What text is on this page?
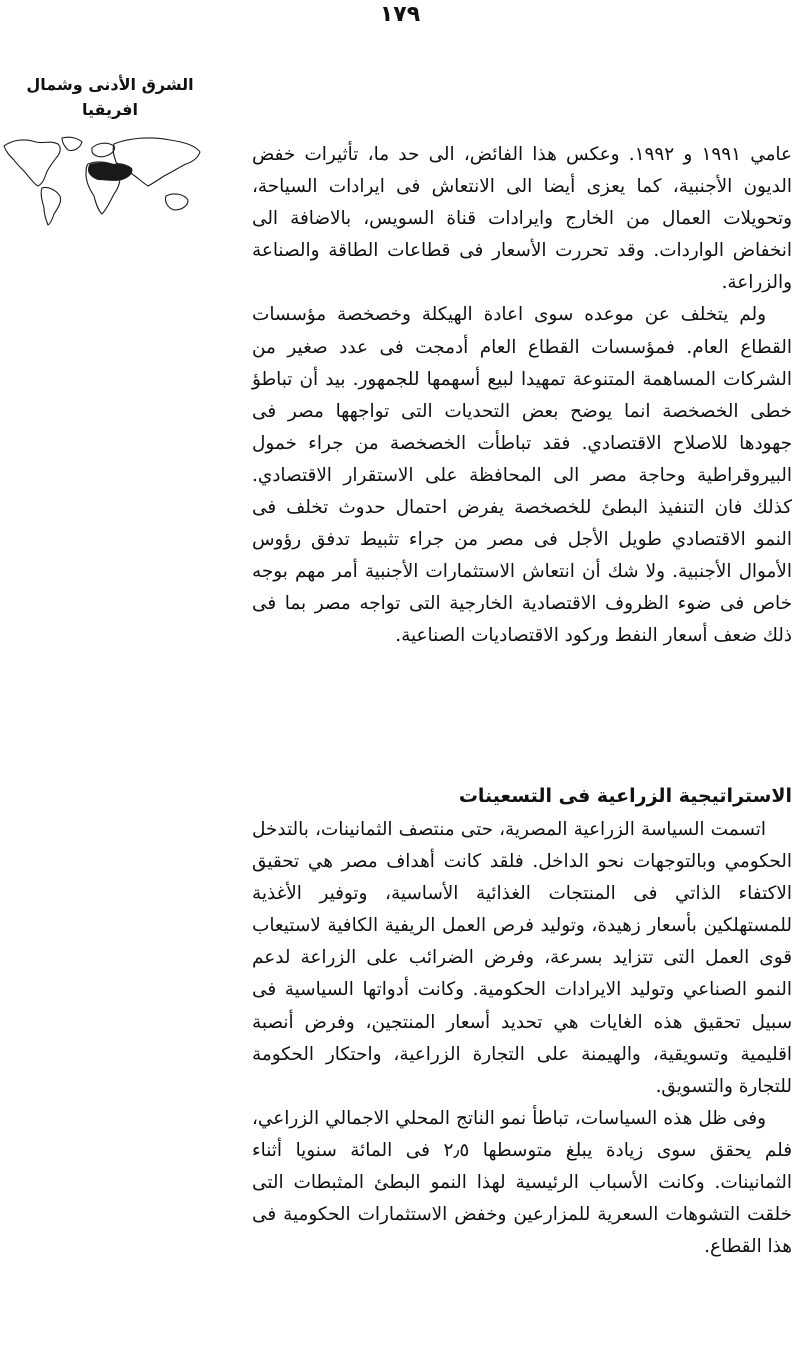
١٧٩
الشرق الأدنى وشمال
افريقيا

عامي ١٩٩١ و ١٩٩٢. وعكس هذا الفائض، الى حد ما، تأثيرات خفض الديون الأجنبية، كما يعزى أيضا الى الانتعاش فى ايرادات السياحة، وتحويلات العمال من الخارج وايرادات قناة السويس، بالاضافة الى انخفاض الواردات. وقد تحررت الأسعار فى قطاعات الطاقة والصناعة والزراعة.

ولم يتخلف عن موعده سوى اعادة الهيكلة وخصخصة مؤسسات القطاع العام. فمؤسسات القطاع العام أدمجت فى عدد صغير من الشركات المساهمة المتنوعة تمهيدا لبيع أسهمها للجمهور. بيد أن تباطؤ خطى الخصخصة انما يوضح بعض التحديات التى تواجهها مصر فى جهودها للاصلاح الاقتصادي. فقد تباطأت الخصخصة من جراء خمول البيروقراطية وحاجة مصر الى المحافظة على الاستقرار الاقتصادي. كذلك فان التنفيذ البطئ للخصخصة يفرض احتمال حدوث تخلف فى النمو الاقتصادي طويل الأجل فى مصر من جراء تثبيط تدفق رؤوس الأموال الأجنبية. ولا شك أن انتعاش الاستثمارات الأجنبية أمر مهم بوجه خاص فى ضوء الظروف الاقتصادية الخارجية التى تواجه مصر بما فى ذلك ضعف أسعار النفط وركود الاقتصاديات الصناعية.

الاستراتيجية الزراعية فى التسعينات

اتسمت السياسة الزراعية المصرية، حتى منتصف الثمانينات، بالتدخل الحكومي وبالتوجهات نحو الداخل. فلقد كانت أهداف مصر هي تحقيق الاكتفاء الذاتي فى المنتجات الغذائية الأساسية، وتوفير الأغذية للمستهلكين بأسعار زهيدة، وتوليد فرص العمل الريفية الكافية لاستيعاب قوى العمل التى تتزايد بسرعة، وفرض الضرائب على الزراعة لدعم النمو الصناعي وتوليد الايرادات الحكومية. وكانت أدواتها السياسية فى سبيل تحقيق هذه الغايات هي تحديد أسعار المنتجين، وفرض أنصبة اقليمية وتسويقية، والهيمنة على التجارة الزراعية، واحتكار الحكومة للتجارة والتسويق.

وفى ظل هذه السياسات، تباطأ نمو الناتج المحلي الاجمالي الزراعي، فلم يحقق سوى زيادة يبلغ متوسطها ٢٫٥ فى المائة سنويا أثناء الثمانينات. وكانت الأسباب الرئيسية لهذا النمو البطئ المثبطات التى خلقت التشوهات السعرية للمزارعين وخفض الاستثمارات الحكومية فى هذا القطاع.
